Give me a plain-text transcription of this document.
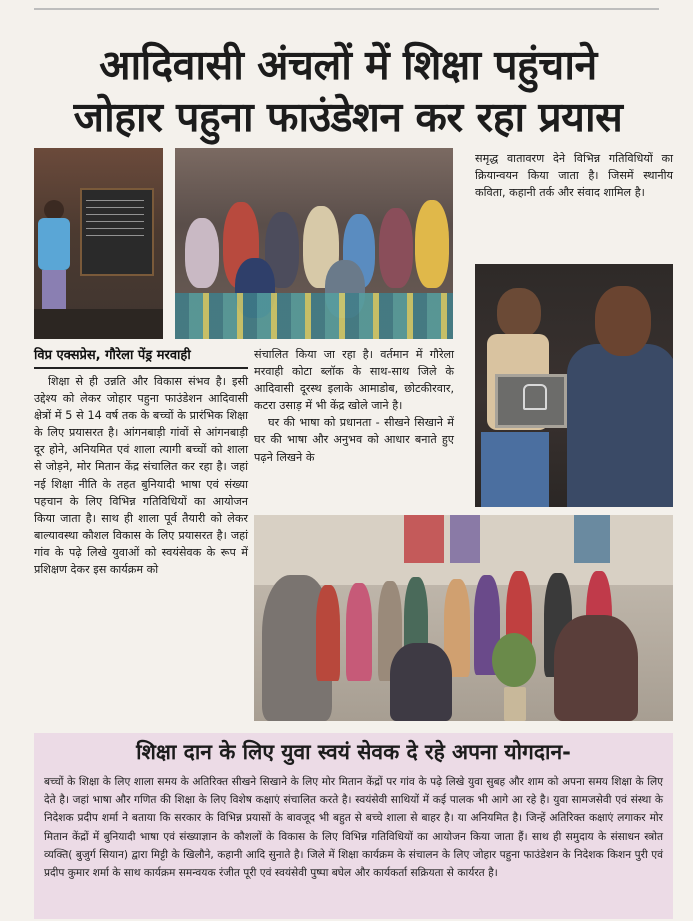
आदिवासी अंचलों में शिक्षा पहुंचाने
जोहार पहुना फाउंडेशन कर रहा प्रयास

समृद्ध वातावरण देने विभिन्न गतिविधियों का क्रियान्वयन किया जाता है। जिसमें स्थानीय कविता, कहानी तर्क और संवाद शामिल है।

विप्र एक्सप्रेस, गौरेला पेंड्र मरवाही

शिक्षा से ही उन्नति और विकास संभव है। इसी उद्देश्य को लेकर जोहार पहुना फाउंडेशन आदिवासी क्षेत्रों में 5 से 14 वर्ष तक के बच्चों के प्रारंभिक शिक्षा के लिए प्रयासरत है। आंगनबाड़ी गांवों से आंगनबाड़ी दूर होने, अनियमित एवं शाला त्यागी बच्चों को शाला से जोड़ने, मोर मितान केंद्र संचालित कर रहा है। जहां नई शिक्षा नीति के तहत बुनियादी भाषा एवं संख्या पहचान के लिए विभिन्न गतिविधियों का आयोजन किया जाता है। साथ ही शाला पूर्व तैयारी को लेकर बाल्यावस्था कौशल विकास के लिए प्रयासरत है। जहां गांव के पढ़े लिखे युवाओं को स्वयंसेवक के रूप में प्रशिक्षण देकर इस कार्यक्रम को

संचालित किया जा रहा है। वर्तमान में गौरेला मरवाही कोटा ब्लॉक के साथ-साथ जिले के आदिवासी दूरस्थ इलाके आमाडोब, छोटकीरवार, कटरा उसाड़ में भी केंद्र खोले जाने है।

घर की भाषा को प्रधानता - सीखने सिखाने में घर की भाषा और अनुभव को आधार बनाते हुए पढ़ने लिखने के

शिक्षा दान के लिए युवा स्वयं सेवक दे रहे अपना योगदान-
बच्चों के शिक्षा के लिए शाला समय के अतिरिक्त सीखने सिखाने के लिए मोर मितान केंद्रों पर गांव के पढ़े लिखे युवा सुबह और शाम को अपना समय शिक्षा के लिए देते है। जहां भाषा और गणित की शिक्षा के लिए विशेष कक्षाएं संचालित करते है। स्वयंसेवी साथियों में कई पालक भी आगे आ रहे है। युवा सामजसेवी एवं संस्था के निदेशक प्रदीप शर्मा ने बताया कि सरकार के विभिन्न प्रयासों के बावजूद भी बहुत से बच्चे शाला से बाहर है। या अनियमित है। जिन्हें अतिरिक्त कक्षाएं लगाकर मोर मितान केंद्रों में बुनियादी भाषा एवं संख्याज्ञान के कौशलों के विकास के लिए विभिन्न गतिविधियों का आयोजन किया जाता हैं। साथ ही समुदाय के संसाधन स्त्रोत व्यक्ति( बुजुर्ग सियान) द्वारा मिट्टी के खिलौने, कहानी आदि सुनाते है। जिले में शिक्षा कार्यक्रम के संचालन के लिए जोहार पहुना फाउंडेशन के निदेशक किशन पुरी एवं प्रदीप कुमार शर्मा के साथ कार्यक्रम समन्वयक रंजीत पूरी एवं स्वयंसेवी पुष्पा बघेल और कार्यकर्ता सक्रियता से कार्यरत है।
